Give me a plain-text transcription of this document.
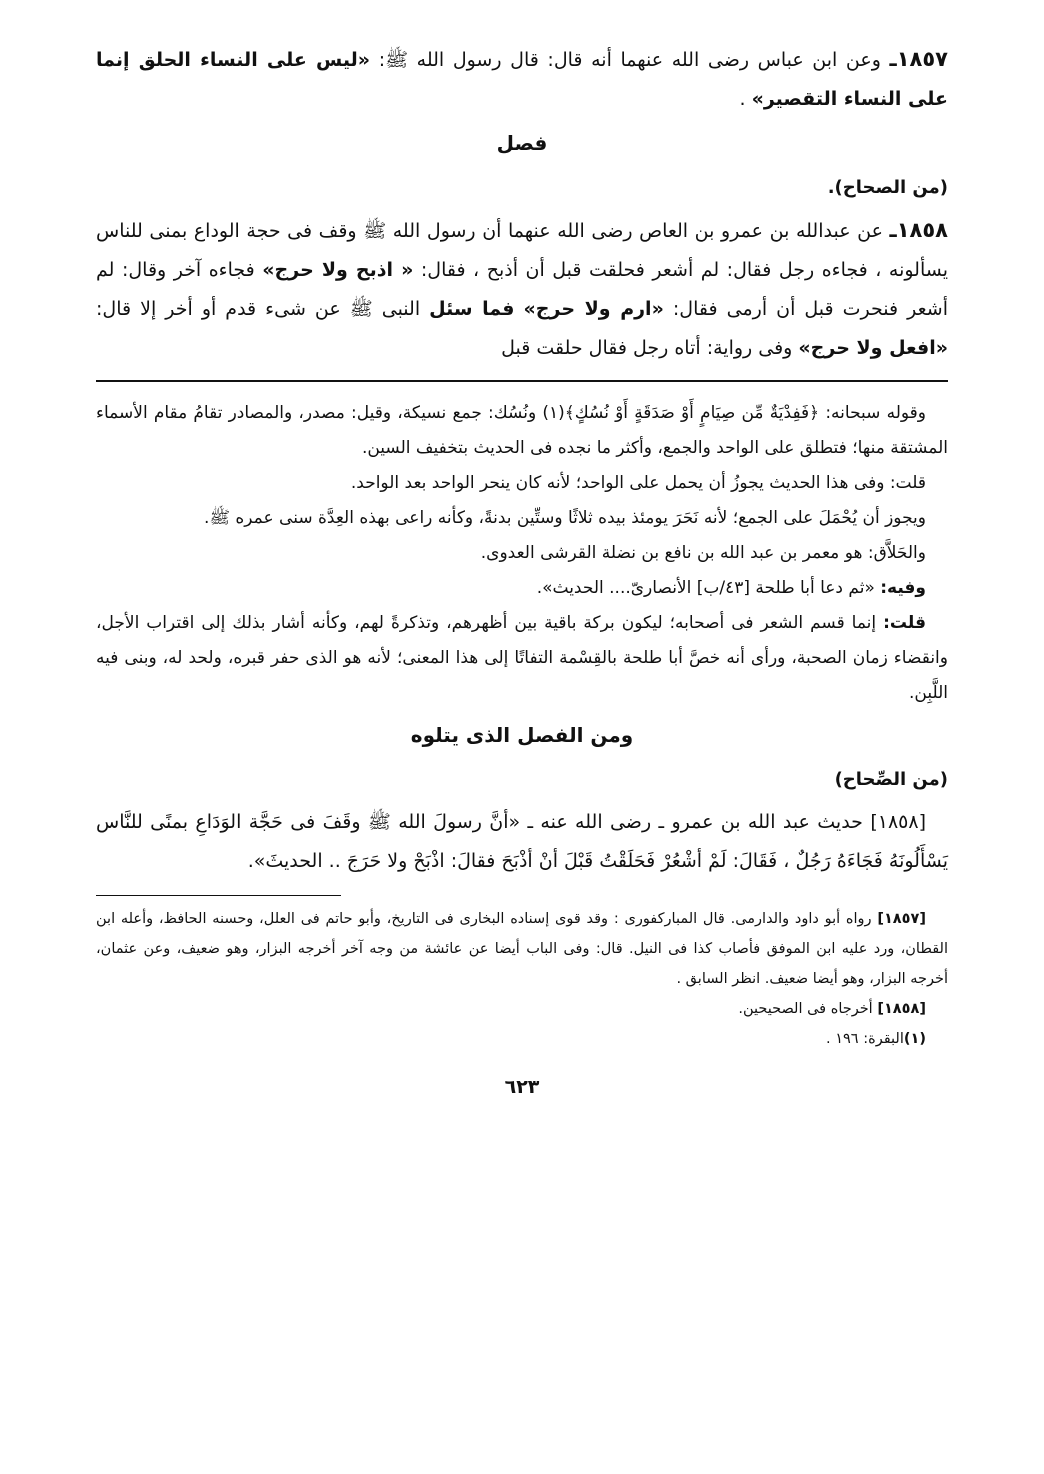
١٨٥٧ـ وعن ابن عباس رضى الله عنهما أنه قال: قال رسول الله ﷺ: «ليس على النساء الحلق إنما على النساء التقصير» .

فصل

(من الصحاح).

١٨٥٨ـ عن عبدالله بن عمرو بن العاص رضى الله عنهما أن رسول الله ﷺ وقف فى حجة الوداع بمنى للناس يسألونه ، فجاءه رجل فقال: لم أشعر فحلقت قبل أن أذبح ، فقال: « اذبح ولا حرج» فجاءه آخر وقال: لم أشعر فنحرت قبل أن أرمى فقال: «ارم ولا حرج» فما سئل النبى ﷺ عن شىء قدم أو أخر إلا قال: «افعل ولا حرج» وفى رواية: أتاه رجل فقال حلقت قبل

وقوله سبحانه: ﴿فَفِدْيَةٌ مِّن صِيَامٍ أَوْ صَدَقَةٍ أَوْ نُسُكٍ﴾(١) ونُسُك: جمع نسيكة، وقيل: مصدر، والمصادر تقامُ مقام الأسماء المشتقة منها؛ فتطلق على الواحد والجمع، وأكثر ما نجده فى الحديث بتخفيف السين.

قلت: وفى هذا الحديث يجوزُ أن يحمل على الواحد؛ لأنه كان ينحر الواحد بعد الواحد.

ويجوز أن يُحْمَلَ على الجمع؛ لأنه نَحَرَ يومئذ بيده ثلاثًا وستِّين بدنةً، وكأنه راعى بهذه العِدَّة سنى عمره ﷺ.

والحَلاَّق: هو معمر بن عبد الله بن نافع بن نضلة القرشى العدوى.

وفيه: «ثم دعا أبا طلحة [٤٣/ب] الأنصارىّ.... الحديث».

قلت: إنما قسم الشعر فى أصحابه؛ ليكون بركة باقية بين أظهرهم، وتذكرةً لهم، وكأنه أشار بذلك إلى اقتراب الأجل، وانقضاء زمان الصحبة، ورأى أنه خصَّ أبا طلحة بالقِسْمة التفاتًا إلى هذا المعنى؛ لأنه هو الذى حفر قبره، ولحد له، وبنى فيه اللَّبِن.

ومن الفصل الذى يتلوه

(من الصِّحاح)

[١٨٥٨] حديث عبد الله بن عمرو ـ رضى الله عنه ـ «أنَّ رسولَ الله ﷺ وقَفَ فى حَجَّة الوَدَاعِ بمنًى للنَّاس يَسْأَلُونَهُ فَجَاءَهُ رَجُلٌ ، فَقَالَ: لَمْ أشْعُرْ فَحَلَقْتُ قَبْلَ أنْ أذْبَحَ فقالَ: اذْبَحْ ولا حَرَجَ .. الحديثَ».

[١٨٥٧] رواه أبو داود والدارمى. قال المباركفورى : وقد قوى إسناده البخارى فى التاريخ، وأبو حاتم فى العلل، وحسنه الحافظ، وأعله ابن القطان، ورد عليه ابن الموفق فأصاب كذا فى النيل. قال: وفى الباب أيضا عن عائشة من وجه آخر أخرجه البزار، وهو ضعيف، وعن عثمان، أخرجه البزار، وهو أيضا ضعيف. انظر السابق .

[١٨٥٨] أخرجاه فى الصحيحين.

(١)البقرة: ١٩٦ .

٦٢٣
